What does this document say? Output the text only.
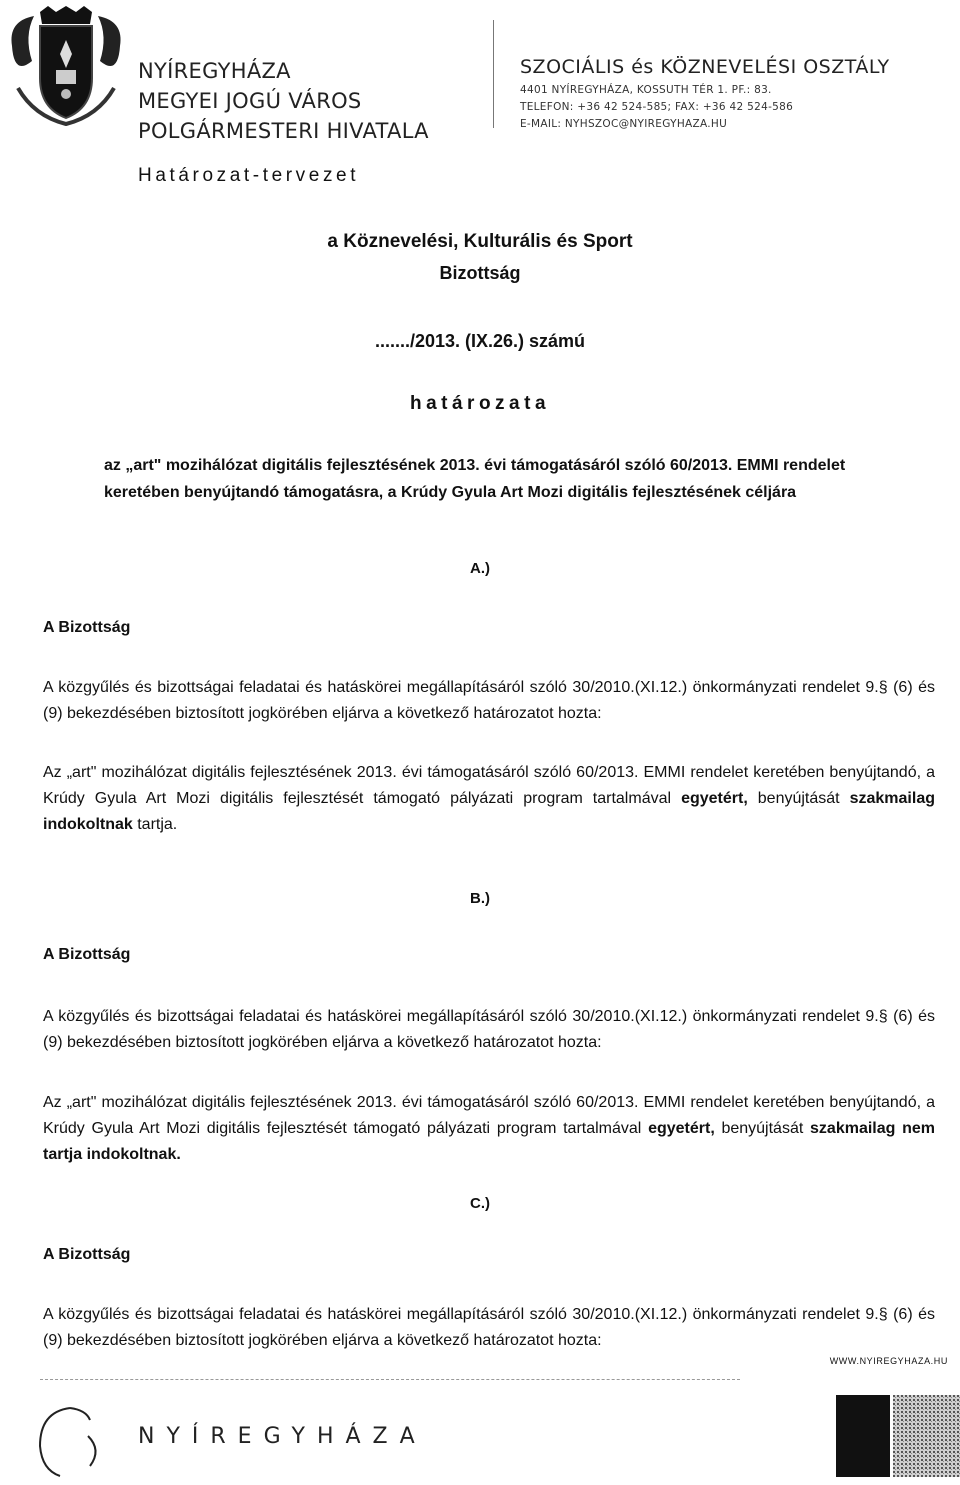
NYÍREGYHÁZA
MEGYEI JOGÚ VÁROS
POLGÁRMESTERI HIVATALA
SZOCIÁLIS és KÖZNEVELÉSI OSZTÁLY
4401 NYÍREGYHÁZA, KOSSUTH TÉR 1. PF.: 83.
TELEFON: +36 42 524-585; FAX: +36 42 524-586
E-MAIL: NYHSZOC@NYIREGYHAZA.HU
Határozat-tervezet
a Köznevelési, Kulturális és Sport
Bizottság
......./2013. (IX.26.) számú
határozata
az „art" mozihálózat digitális fejlesztésének 2013. évi támogatásáról szóló 60/2013. EMMI rendelet
keretében benyújtandó támogatásra, a Krúdy Gyula Art Mozi digitális fejlesztésének céljára
A.)
A Bizottság
A közgyűlés és bizottságai feladatai és hatáskörei megállapításáról szóló 30/2010.(XI.12.) önkormányzati rendelet 9.§ (6) és (9) bekezdésében biztosított jogkörében eljárva a következő határozatot hozta:
Az „art" mozihálózat digitális fejlesztésének 2013. évi támogatásáról szóló 60/2013. EMMI rendelet keretében benyújtandó, a Krúdy Gyula Art Mozi digitális fejlesztését támogató pályázati program tartalmával egyetért, benyújtását szakmailag indokoltnak tartja.
B.)
A Bizottság
A közgyűlés és bizottságai feladatai és hatáskörei megállapításáról szóló 30/2010.(XI.12.) önkormányzati rendelet 9.§ (6) és (9) bekezdésében biztosított jogkörében eljárva a következő határozatot hozta:
Az „art" mozihálózat digitális fejlesztésének 2013. évi támogatásáról szóló 60/2013. EMMI rendelet keretében benyújtandó, a Krúdy Gyula Art Mozi digitális fejlesztését támogató pályázati program tartalmával egyetért, benyújtását szakmailag nem tartja indokoltnak.
C.)
A Bizottság
A közgyűlés és bizottságai feladatai és hatáskörei megállapításáról szóló 30/2010.(XI.12.) önkormányzati rendelet 9.§ (6) és (9) bekezdésében biztosított jogkörében eljárva a következő határozatot hozta:
WWW.NYIREGYHAZA.HU
NYÍREGYHÁZA
